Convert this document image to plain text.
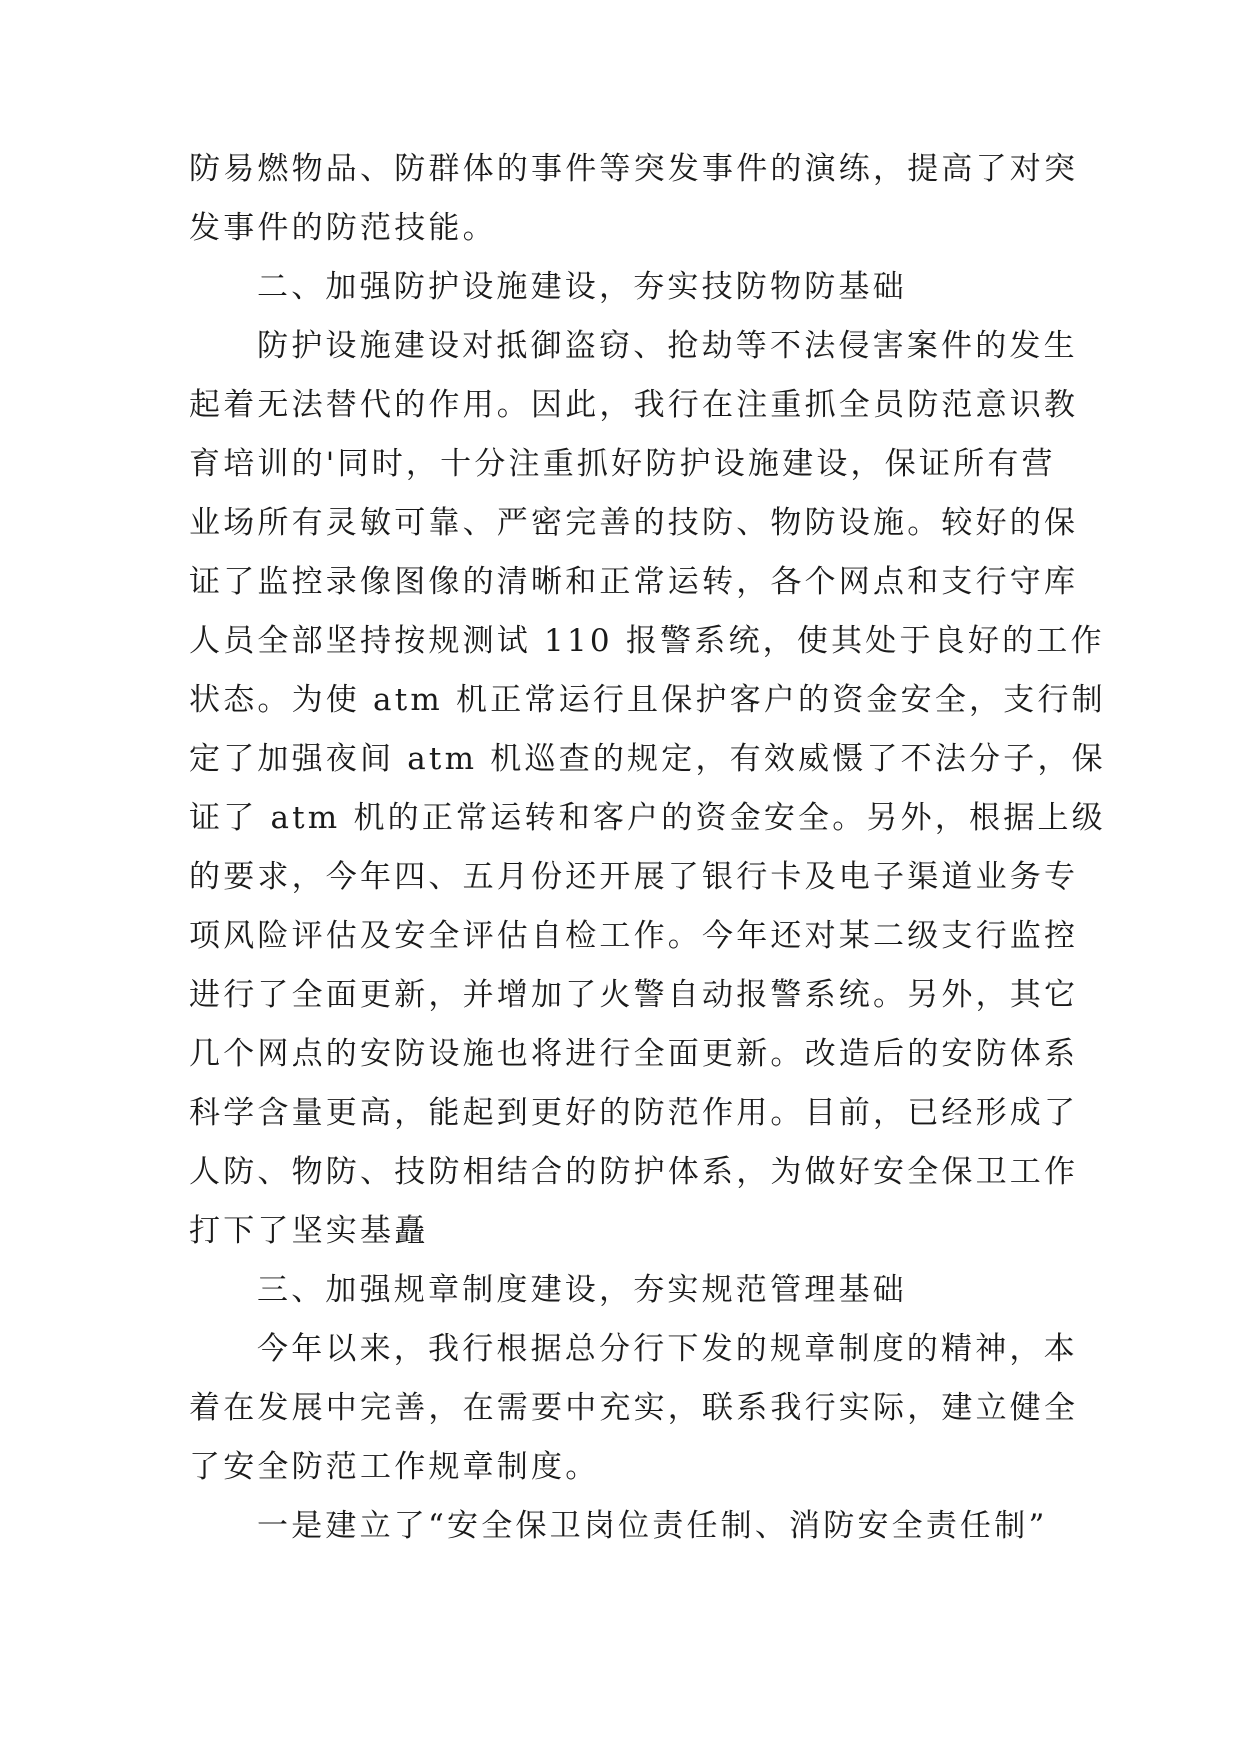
防易燃物品、防群体的事件等突发事件的演练，提高了对突
发事件的防范技能。
二、加强防护设施建设，夯实技防物防基础
防护设施建设对抵御盗窃、抢劫等不法侵害案件的发生
起着无法替代的作用。因此，我行在注重抓全员防范意识教
育培训的'同时，十分注重抓好防护设施建设，保证所有营
业场所有灵敏可靠、严密完善的技防、物防设施。较好的保
证了监控录像图像的清晰和正常运转，各个网点和支行守库
人员全部坚持按规测试 110 报警系统，使其处于良好的工作
状态。为使 atm 机正常运行且保护客户的资金安全，支行制
定了加强夜间 atm 机巡查的规定，有效威慑了不法分子，保
证了 atm 机的正常运转和客户的资金安全。另外，根据上级
的要求，今年四、五月份还开展了银行卡及电子渠道业务专
项风险评估及安全评估自检工作。今年还对某二级支行监控
进行了全面更新，并增加了火警自动报警系统。另外，其它
几个网点的安防设施也将进行全面更新。改造后的安防体系
科学含量更高，能起到更好的防范作用。目前，已经形成了
人防、物防、技防相结合的防护体系，为做好安全保卫工作
打下了坚实基矗
三、加强规章制度建设，夯实规范管理基础
今年以来，我行根据总分行下发的规章制度的精神，本
着在发展中完善，在需要中充实，联系我行实际，建立健全
了安全防范工作规章制度。
一是建立了“安全保卫岗位责任制、消防安全责任制”
